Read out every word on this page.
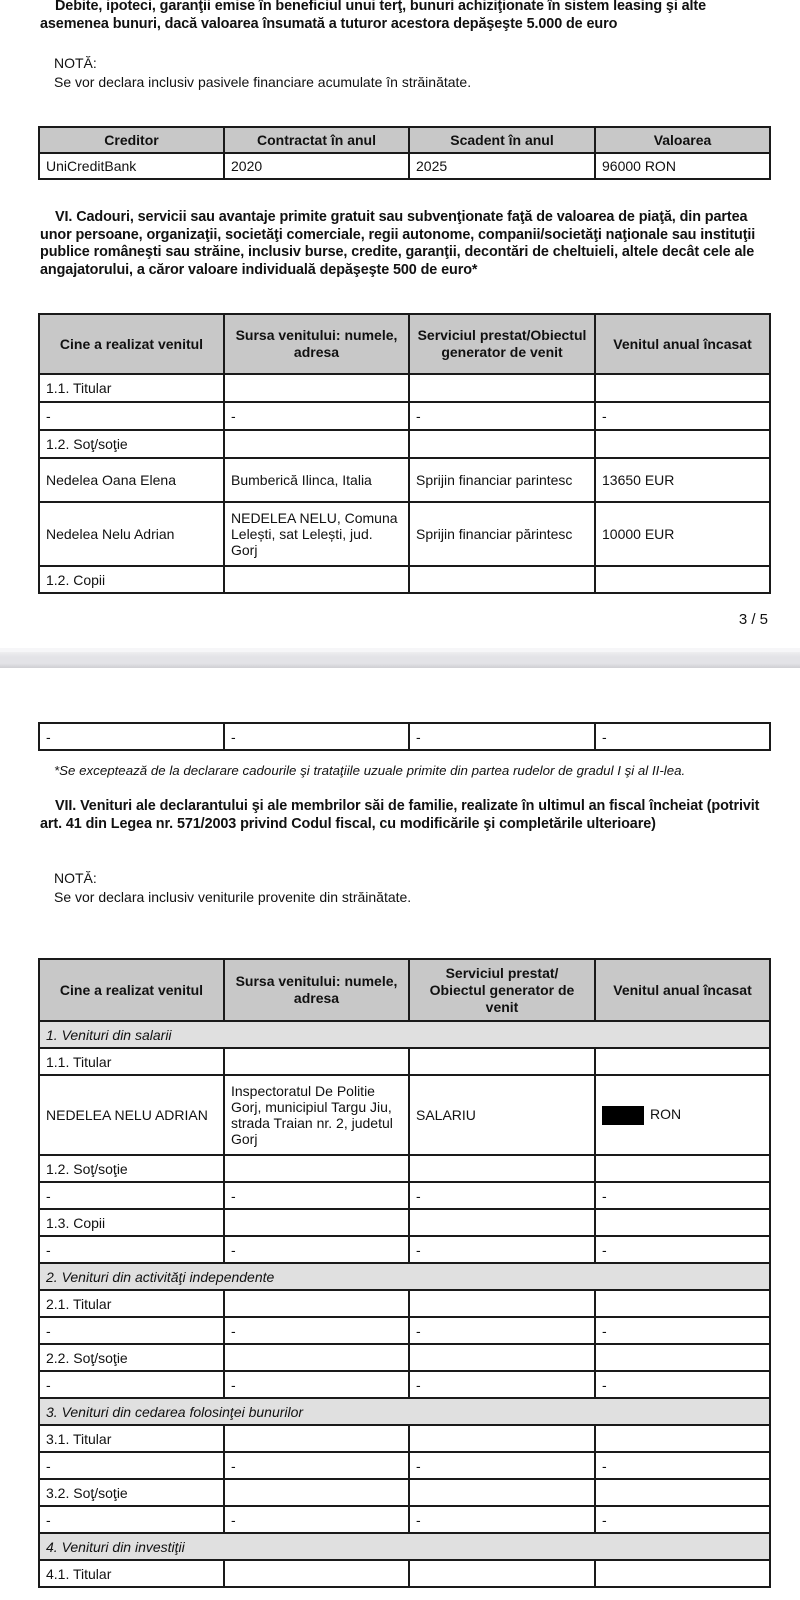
Debite, ipoteci, garanţii emise în beneficiul unui terţ, bunuri achiziţionate în sistem leasing şi alte
asemenea bunuri, dacă valoarea însumată a tuturor acestora depăşeşte 5.000 de euro
NOTĂ:
Se vor declara inclusiv pasivele financiare acumulate în străinătate.
Creditor	Contractat în anul	Scadent în anul	Valoarea
UniCreditBank	2020	2025	96000 RON
VI. Cadouri, servicii sau avantaje primite gratuit sau subvenţionate faţă de valoarea de piaţă, din partea unor persoane, organizaţii, societăţi comerciale, regii autonome, companii/societăţi naţionale sau instituţii publice româneşti sau străine, inclusiv burse, credite, garanţii, decontări de cheltuieli, altele decât cele ale angajatorului, a căror valoare individuală depăşeşte 500 de euro*
Cine a realizat venitul	Sursa venitului: numele, adresa	Serviciul prestat/Obiectul generator de venit	Venitul anual încasat
1.1. Titular			
-	-	-	-
1.2. Soţ/soţie			
Nedelea Oana Elena	Bumberică Ilinca, Italia	Sprijin financiar parintesc	13650 EUR
Nedelea Nelu Adrian	NEDELEA NELU, Comuna Lelești, sat Lelești, jud. Gorj	Sprijin financiar părintesc	10000 EUR
1.2. Copii			
3 / 5
-	-	-	-
*Se exceptează de la declarare cadourile şi trataţiile uzuale primite din partea rudelor de gradul I şi al II-lea.
VII. Venituri ale declarantului şi ale membrilor săi de familie, realizate în ultimul an fiscal încheiat (potrivit art. 41 din Legea nr. 571/2003 privind Codul fiscal, cu modificările şi completările ulterioare)
NOTĂ:
Se vor declara inclusiv veniturile provenite din străinătate.
Cine a realizat venitul	Sursa venitului: numele, adresa	Serviciul prestat/ Obiectul generator de venit	Venitul anual încasat
1. Venituri din salarii			
1.1. Titular			
NEDELEA NELU ADRIAN	Inspectoratul De Politie Gorj, municipiul Targu Jiu, strada Traian nr. 2, judetul Gorj	SALARIU	RON
1.2. Soţ/soţie			
-	-	-	-
1.3. Copii			
-	-	-	-
2. Venituri din activităţi independente			
2.1. Titular			
-	-	-	-
2.2. Soţ/soţie			
-	-	-	-
3. Venituri din cedarea folosinţei bunurilor			
3.1. Titular			
-	-	-	-
3.2. Soţ/soţie			
-	-	-	-
4. Venituri din investiţii			
4.1. Titular			
